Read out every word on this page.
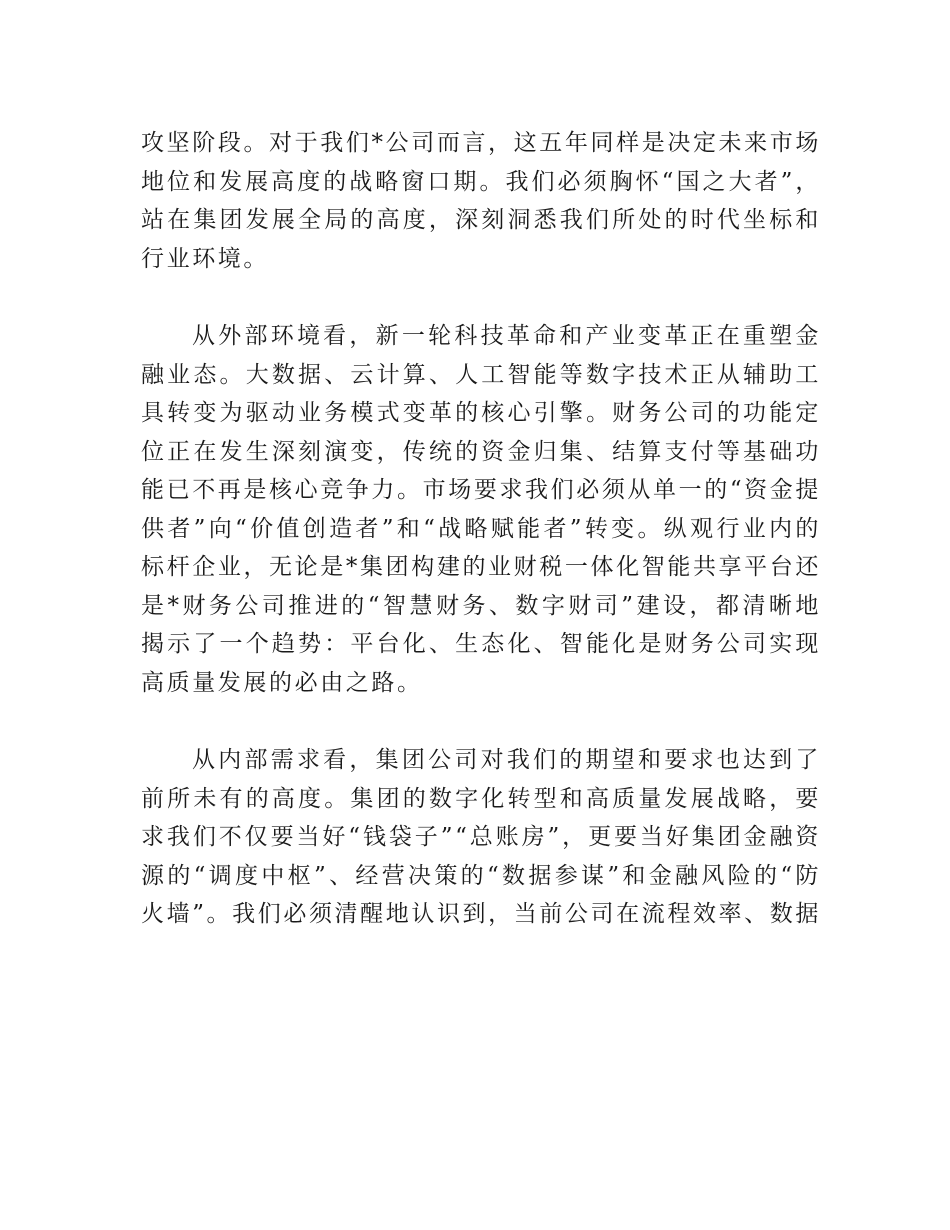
攻坚阶段。对于我们*公司而言，这五年同样是决定未来市场地位和发展高度的战略窗口期。我们必须胸怀“国之大者”，站在集团发展全局的高度，深刻洞悉我们所处的时代坐标和行业环境。

从外部环境看，新一轮科技革命和产业变革正在重塑金融业态。大数据、云计算、人工智能等数字技术正从辅助工具转变为驱动业务模式变革的核心引擎。财务公司的功能定位正在发生深刻演变，传统的资金归集、结算支付等基础功能已不再是核心竞争力。市场要求我们必须从单一的“资金提供者”向“价值创造者”和“战略赋能者”转变。纵观行业内的标杆企业，无论是*集团构建的业财税一体化智能共享平台还是*财务公司推进的“智慧财务、数字财司”建设，都清晰地揭示了一个趋势：平台化、生态化、智能化是财务公司实现高质量发展的必由之路。

从内部需求看，集团公司对我们的期望和要求也达到了前所未有的高度。集团的数字化转型和高质量发展战略，要求我们不仅要当好“钱袋子”“总账房”，更要当好集团金融资源的“调度中枢”、经营决策的“数据参谋”和金融风险的“防火墙”。我们必须清醒地认识到，当前公司在流程效率、数据
